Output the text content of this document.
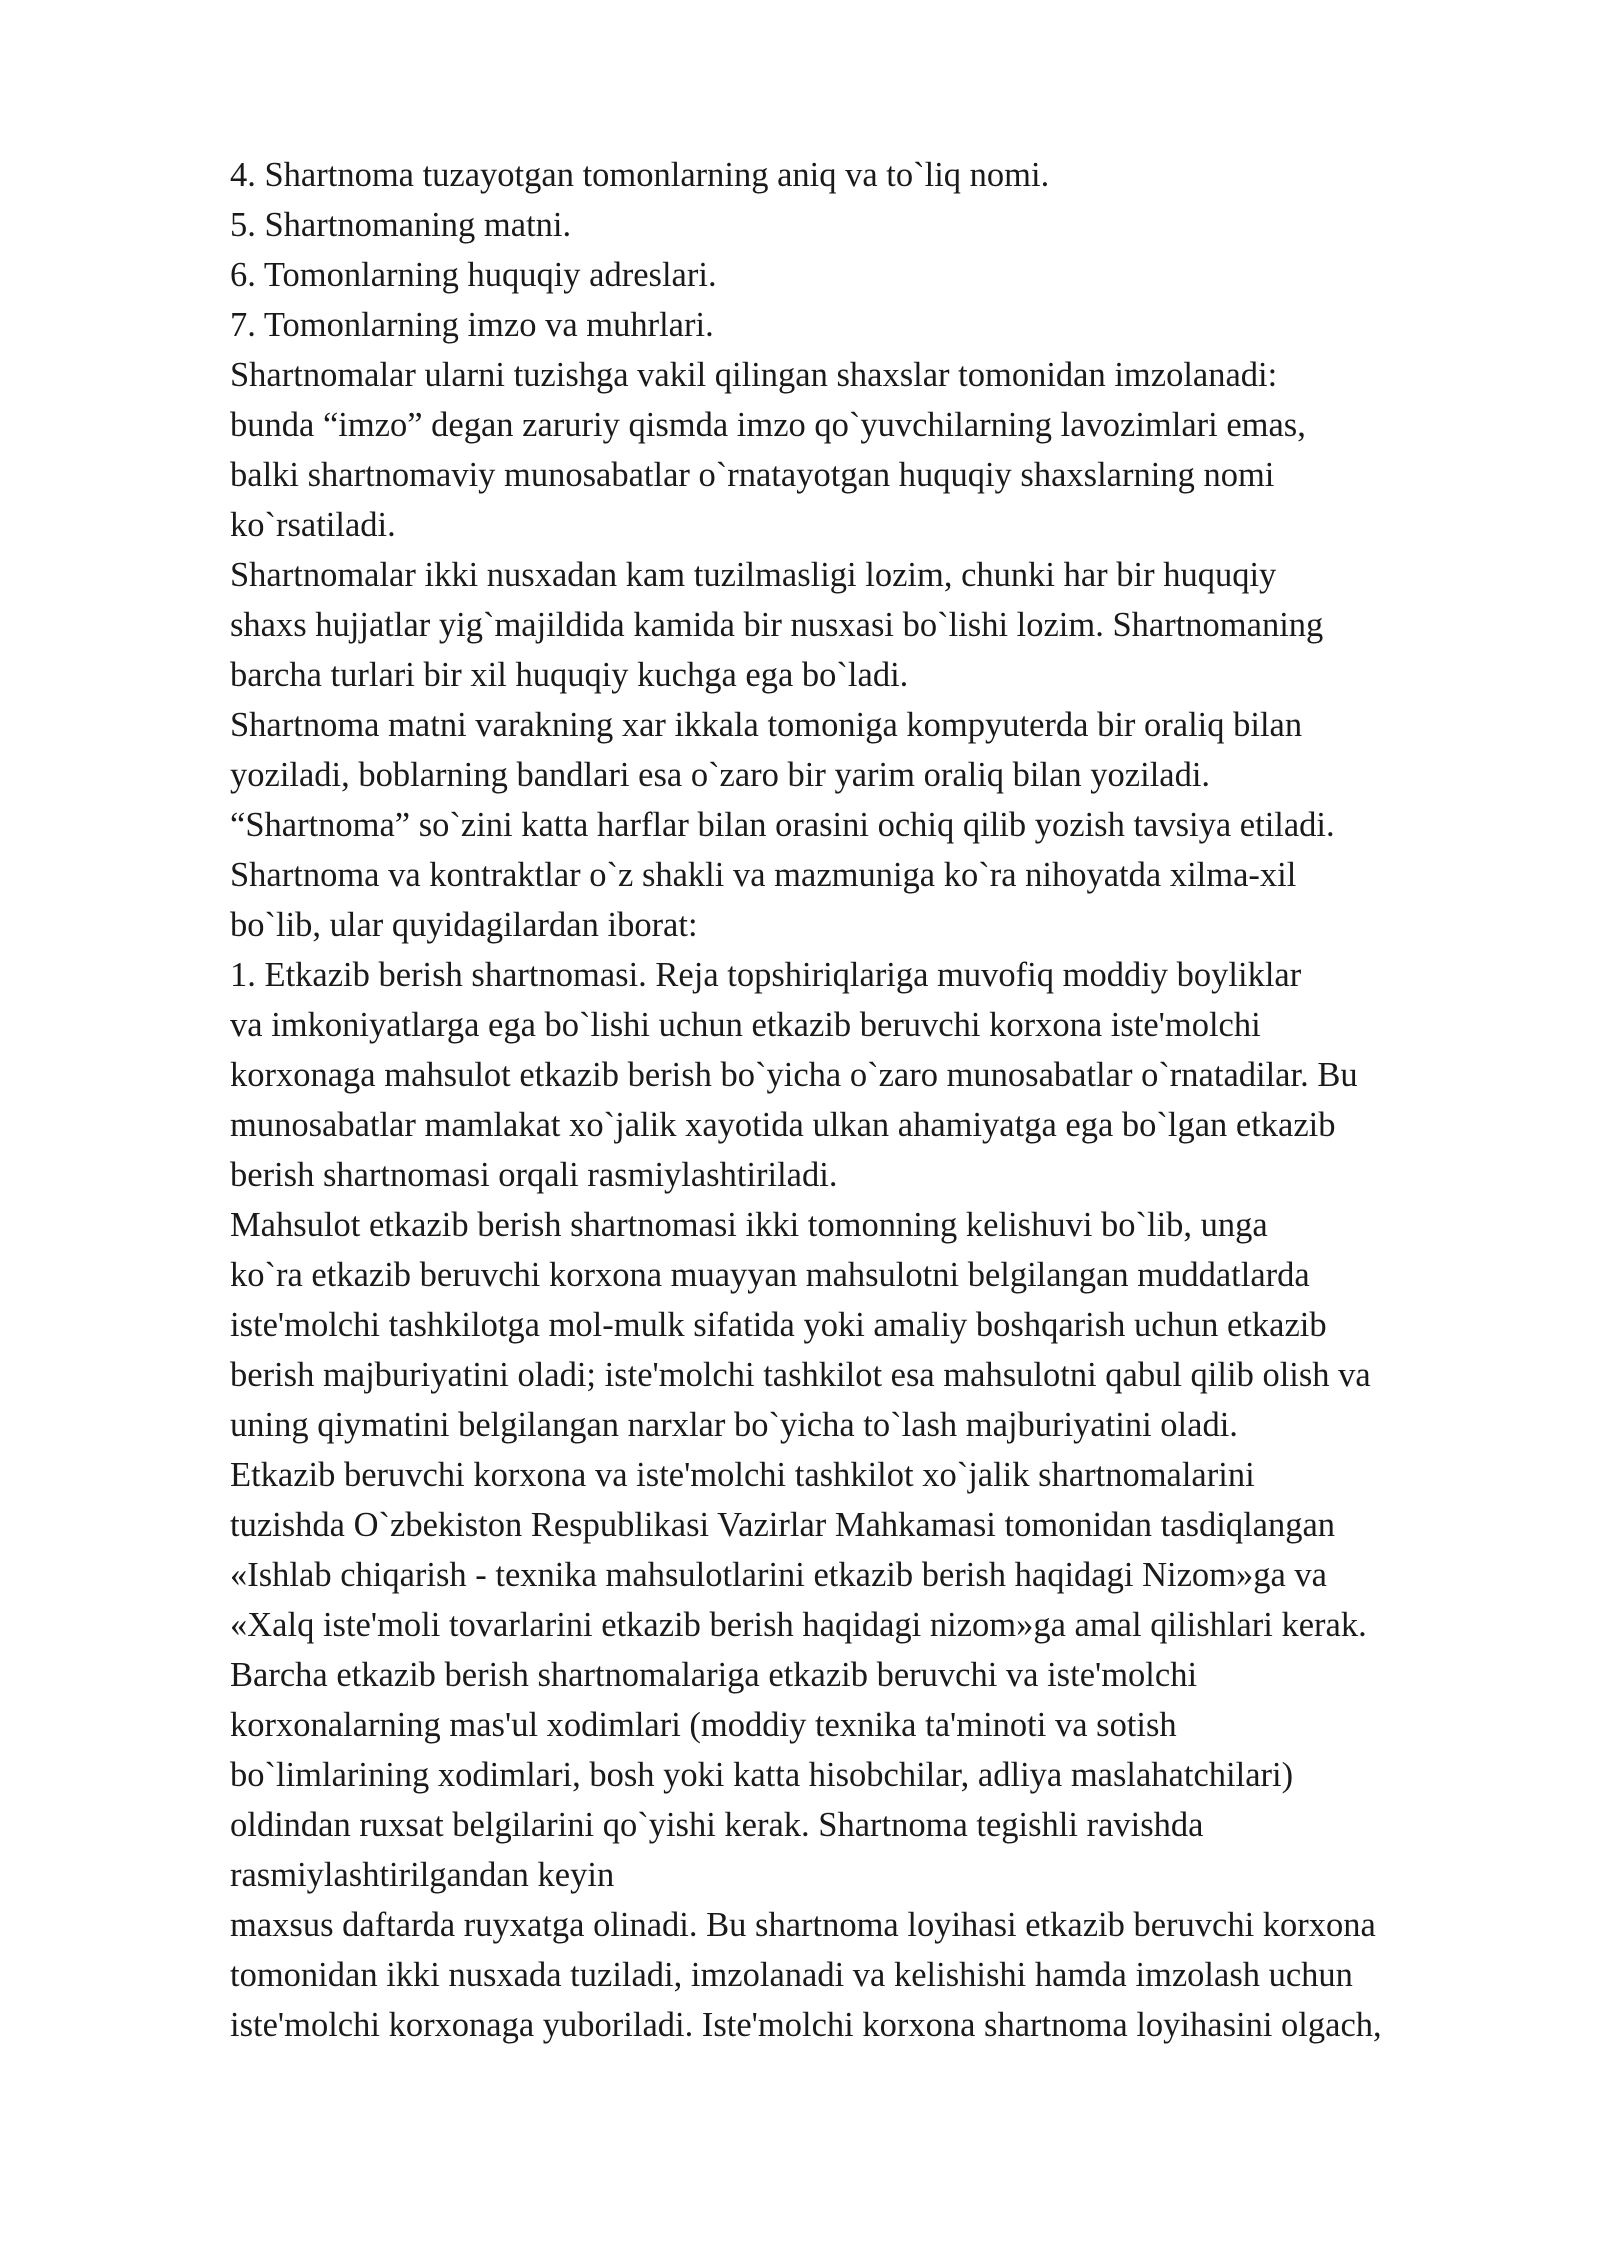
4. Shartnoma tuzayotgan tomonlarning aniq va to`liq nomi.
5. Shartnomaning matni.
6. Tomonlarning huquqiy adreslari.
7. Tomonlarning imzo va muhrlari.
Shartnomalar ularni tuzishga vakil qilingan shaxslar tomonidan imzolanadi:
bunda “imzo” degan zaruriy qismda imzo qo`yuvchilarning lavozimlari emas,
balki shartnomaviy munosabatlar o`rnatayotgan huquqiy shaxslarning nomi
ko`rsatiladi.
Shartnomalar ikki nusxadan kam tuzilmasligi lozim, chunki har bir huquqiy
shaxs hujjatlar yig`majildida kamida bir nusxasi bo`lishi lozim. Shartnomaning
barcha turlari bir xil huquqiy kuchga ega bo`ladi.
Shartnoma matni varakning xar ikkala tomoniga kompyuterda bir oraliq bilan
yoziladi, boblarning bandlari esa o`zaro bir yarim oraliq bilan yoziladi.
“Shartnoma” so`zini katta harflar bilan orasini ochiq qilib yozish tavsiya etiladi.
Shartnoma va kontraktlar o`z shakli va mazmuniga ko`ra nihoyatda xilma-xil
bo`lib, ular quyidagilardan iborat:
1. Etkazib berish shartnomasi. Reja topshiriqlariga muvofiq moddiy boyliklar
va imkoniyatlarga ega bo`lishi uchun etkazib beruvchi korxona iste'molchi
korxonaga mahsulot etkazib berish bo`yicha o`zaro munosabatlar o`rnatadilar. Bu
munosabatlar mamlakat xo`jalik xayotida ulkan ahamiyatga ega bo`lgan etkazib
berish shartnomasi orqali rasmiylashtiriladi.
Mahsulot etkazib berish shartnomasi ikki tomonning kelishuvi bo`lib, unga
ko`ra etkazib beruvchi korxona muayyan mahsulotni belgilangan muddatlarda
iste'molchi tashkilotga mol-mulk sifatida yoki amaliy boshqarish uchun etkazib
berish majburiyatini oladi; iste'molchi tashkilot esa mahsulotni qabul qilib olish va
uning qiymatini belgilangan narxlar bo`yicha to`lash majburiyatini oladi.
Etkazib beruvchi korxona va iste'molchi tashkilot xo`jalik shartnomalarini
tuzishda O`zbekiston Respublikasi Vazirlar Mahkamasi tomonidan tasdiqlangan
«Ishlab chiqarish - texnika mahsulotlarini etkazib berish haqidagi Nizom»ga va
«Xalq iste'moli tovarlarini etkazib berish haqidagi nizom»ga amal qilishlari kerak.
Barcha etkazib berish shartnomalariga etkazib beruvchi va iste'molchi
korxonalarning mas'ul xodimlari (moddiy texnika ta'minoti va sotish
bo`limlarining xodimlari, bosh yoki katta hisobchilar, adliya maslahatchilari)
oldindan ruxsat belgilarini qo`yishi kerak. Shartnoma tegishli ravishda
rasmiylashtirilgandan keyin
maxsus daftarda ruyxatga olinadi. Bu shartnoma loyihasi etkazib beruvchi korxona
tomonidan ikki nusxada tuziladi, imzolanadi va kelishishi hamda imzolash uchun
iste'molchi korxonaga yuboriladi. Iste'molchi korxona shartnoma loyihasini olgach,
